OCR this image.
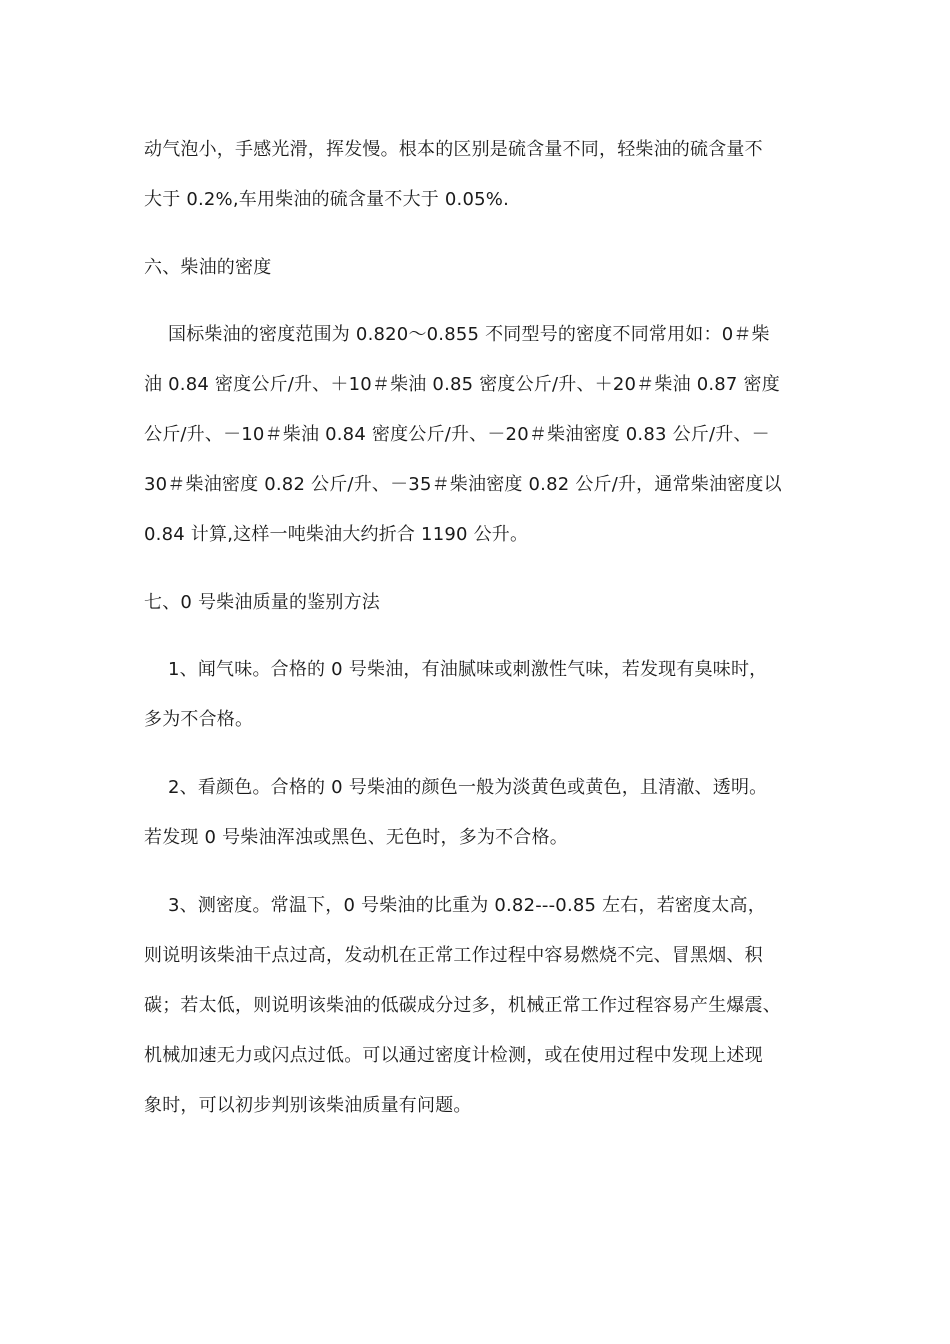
动气泡小，手感光滑，挥发慢。根本的区别是硫含量不同，轻柴油的硫含量不
大于 0.2%,车用柴油的硫含量不大于 0.05%.
六、柴油的密度
国标柴油的密度范围为 0.820～0.855 不同型号的密度不同常用如：0＃柴
油 0.84 密度公斤/升、＋10＃柴油 0.85 密度公斤/升、＋20＃柴油 0.87 密度
公斤/升、－10＃柴油 0.84 密度公斤/升、－20＃柴油密度 0.83 公斤/升、－
30＃柴油密度 0.82 公斤/升、－35＃柴油密度 0.82 公斤/升，通常柴油密度以
0.84 计算,这样一吨柴油大约折合 1190 公升。
七、0 号柴油质量的鉴别方法
1、闻气味。合格的 0 号柴油，有油腻味或刺激性气味，若发现有臭味时，
多为不合格。
2、看颜色。合格的 0 号柴油的颜色一般为淡黄色或黄色，且清澈、透明。
若发现 0 号柴油浑浊或黑色、无色时，多为不合格。
3、测密度。常温下，0 号柴油的比重为 0.82---0.85 左右，若密度太高，
则说明该柴油干点过高，发动机在正常工作过程中容易燃烧不完、冒黑烟、积
碳；若太低，则说明该柴油的低碳成分过多，机械正常工作过程容易产生爆震、
机械加速无力或闪点过低。可以通过密度计检测，或在使用过程中发现上述现
象时，可以初步判别该柴油质量有问题。
